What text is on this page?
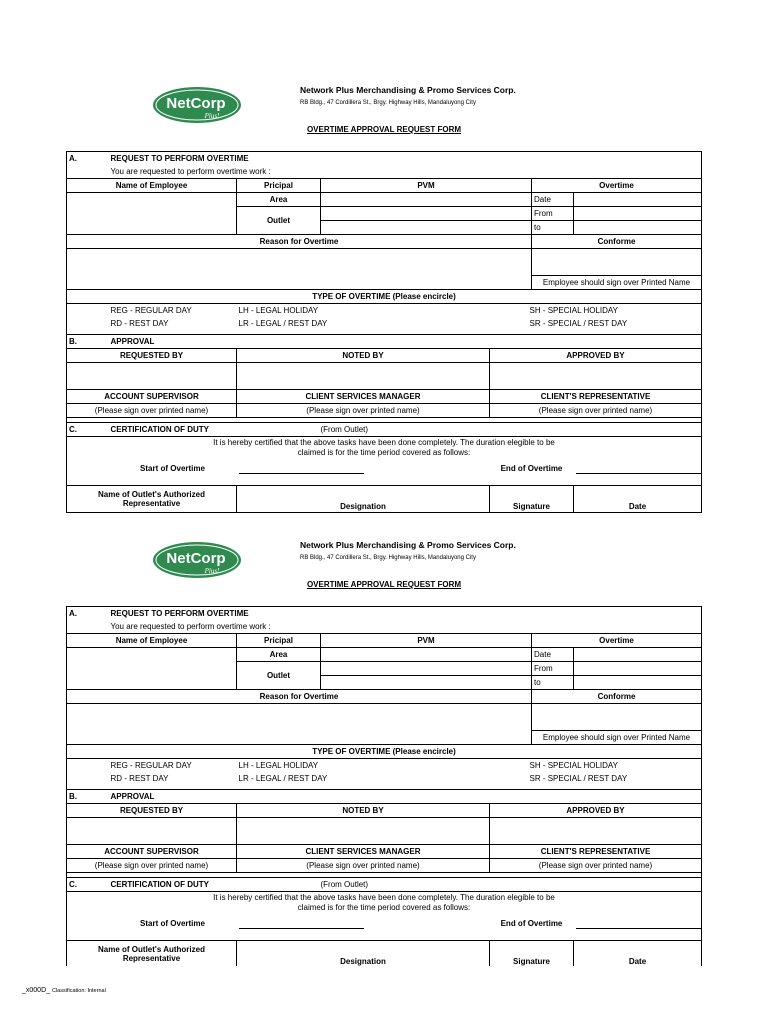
NetCorp
Plus!
Network Plus Merchandising & Promo Services Corp.
RB Bldg., 47 Cordillera St., Brgy. Highway Hills, Mandaluyong City
OVERTIME APPROVAL REQUEST FORM
A.	REQUEST TO PERFORM OVERTIME					
	You are requested to perform overtime work :					
Name of Employee		Pricipal	PVM		Overtime	
		Area			Date	
		Outlet			From	
					to	
Reason for Overtime					Conforme	

					Employee should sign over Printed Name	
TYPE OF OVERTIME (Please encircle)						
	REG - REGULAR DAY	LH - LEGAL HOLIDAY		SH - SPECIAL HOLIDAY		
	RD - REST DAY	LR - LEGAL / REST DAY		SR - SPECIAL / REST DAY		

B.	APPROVAL					
REQUESTED BY		NOTED BY		APPROVED BY		

ACCOUNT SUPERVISOR		CLIENT SERVICES MANAGER		CLIENT'S REPRESENTATIVE		
(Please sign over printed name)		(Please sign over printed name)		(Please sign over printed name)		

C.	CERTIFICATION OF DUTY		(From Outlet)			
It is hereby certified that the above tasks have been done completely. The duration elegible to be						
claimed is for the time period covered as follows:						
	Start of Overtime			End of Overtime		

Name of Outlet's Authorized
Representative		Designation		Signature		Date
NetCorp
Plus!
Network Plus Merchandising & Promo Services Corp.
RB Bldg., 47 Cordillera St., Brgy. Highway Hills, Mandaluyong City
OVERTIME APPROVAL REQUEST FORM
A.	REQUEST TO PERFORM OVERTIME					
	You are requested to perform overtime work :					
Name of Employee		Pricipal	PVM		Overtime	
		Area			Date	
		Outlet			From	
					to	
Reason for Overtime					Conforme	

					Employee should sign over Printed Name	
TYPE OF OVERTIME (Please encircle)						
	REG - REGULAR DAY	LH - LEGAL HOLIDAY		SH - SPECIAL HOLIDAY		
	RD - REST DAY	LR - LEGAL / REST DAY		SR - SPECIAL / REST DAY		

B.	APPROVAL					
REQUESTED BY		NOTED BY		APPROVED BY		

ACCOUNT SUPERVISOR		CLIENT SERVICES MANAGER		CLIENT'S REPRESENTATIVE		
(Please sign over printed name)		(Please sign over printed name)		(Please sign over printed name)		

C.	CERTIFICATION OF DUTY		(From Outlet)			
It is hereby certified that the above tasks have been done completely. The duration elegible to be						
claimed is for the time period covered as follows:						
	Start of Overtime			End of Overtime		

Name of Outlet's Authorized
Representative		Designation		Signature		Date
_x000D_ Classification: Internal
